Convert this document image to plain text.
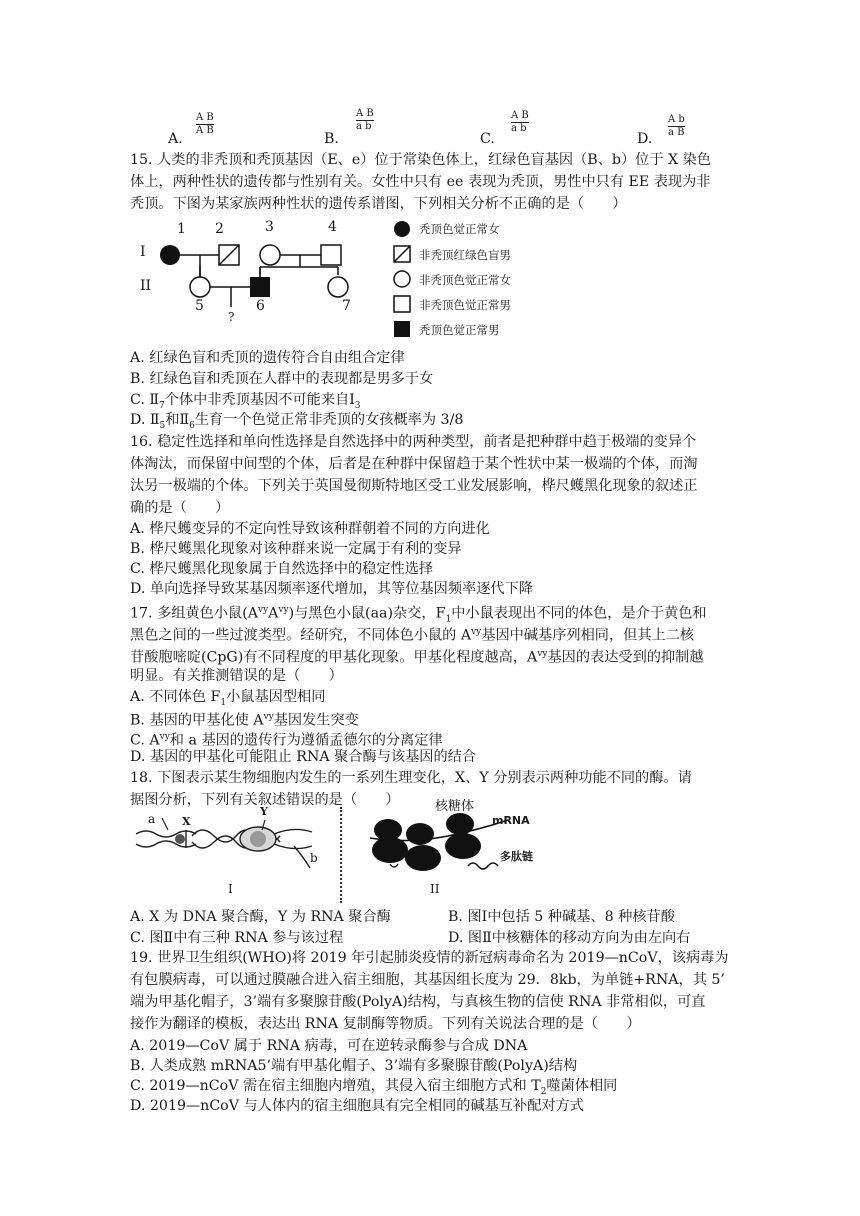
A.
$\frac{\text{A B}}{\text{A B}}$
B.
$\frac{\text{A B}}{\text{a b}}$
C.
$\frac{\text{A B}}{\text{a b}}$
D.
$\frac{\text{A b}}{\text{a B}}$
15. 人类的非秃顶和秃顶基因（E、e）位于常染色体上，红绿色盲基因（B、b）位于 X 染色
体上，两种性状的遗传都与性别有关。女性中只有 ee 表现为秃顶，男性中只有 EE 表现为非
秃顶。下图为某家族两种性状的遗传系谱图，下列相关分析不正确的是（　　）
I
II
1 2	3	4
5	6	7
?
秃顶色觉正常女
非秃顶红绿色盲男
非秃顶色觉正常女
非秃顶色觉正常男
秃顶色觉正常男
A. 红绿色盲和秃顶的遗传符合自由组合定律
B. 红绿色盲和秃顶在人群中的表现都是男多于女
C. $Ⅱ_7$个体中非秃顶基因不可能来自$Ⅰ_3$
D. $Ⅱ_5$和$Ⅱ_6$生育一个色觉正常非秃顶的女孩概率为 3/8
16. 稳定性选择和单向性选择是自然选择中的两种类型，前者是把种群中趋于极端的变异个
体淘汰，而保留中间型的个体，后者是在种群中保留趋于某个性状中某一极端的个体，而淘
汰另一极端的个体。下列关于英国曼彻斯特地区受工业发展影响，桦尺蠖黑化现象的叙述正
确的是（　　）
A. 桦尺蠖变异的不定向性导致该种群朝着不同的方向进化
B. 桦尺蠖黑化现象对该种群来说一定属于有利的变异
C. 桦尺蠖黑化现象属于自然选择中的稳定性选择
D. 单向选择导致某基因频率逐代增加，其等位基因频率逐代下降
17. 多组黄色小鼠$(A^{vy}A^{vy})$与黑色小鼠(aa)杂交，$F_1$中小鼠表现出不同的体色，是介于黄色和
黑色之间的一些过渡类型。经研究，不同体色小鼠的 $A^{vy}$基因中碱基序列相同，但其上二核
苷酸胞嘧啶(CpG)有不同程度的甲基化现象。甲基化程度越高，$A^{vy}$基因的表达受到的抑制越
明显。有关推测错误的是（　　）
A. 不同体色 $F_1$小鼠基因型相同
B. 基因的甲基化使 $A^{vy}$基因发生突变
C. $A^{vy}$和 a 基因的遗传行为遵循孟德尔的分离定律
D. 基因的甲基化可能阻止 RNA 聚合酶与该基因的结合
18. 下图表示某生物细胞内发生的一系列生理变化，X、Y 分别表示两种功能不同的酶。请
据图分析，下列有关叙述错误的是（　　）
a X
Y
b
I
核糖体
mRNA
多肽链
II
A. X 为 DNA 聚合酶，Y 为 RNA 聚合酶	B. 图Ⅰ中包括 5 种碱基、8 种核苷酸
C. 图Ⅱ中有三种 RNA 参与该过程	D. 图Ⅱ中核糖体的移动方向为由左向右
19. 世界卫生组织(WHO)将 2019 年引起肺炎疫情的新冠病毒命名为 2019—nCoV，该病毒为
有包膜病毒，可以通过膜融合进入宿主细胞，其基因组长度为 29．8kb，为单链+RNA，其 5’
端为甲基化帽子，3’端有多聚腺苷酸(PolyA)结构，与真核生物的信使 RNA 非常相似，可直
接作为翻译的模板，表达出 RNA 复制酶等物质。下列有关说法合理的是（　　）
A. 2019—CoV 属于 RNA 病毒，可在逆转录酶参与合成 DNA
B. 人类成熟 mRNA5’端有甲基化帽子、3’端有多聚腺苷酸(PolyA)结构
C. 2019—nCoV 需在宿主细胞内增殖，其侵入宿主细胞方式和 $T_2$噬菌体相同
D. 2019—nCoV 与人体内的宿主细胞具有完全相同的碱基互补配对方式
